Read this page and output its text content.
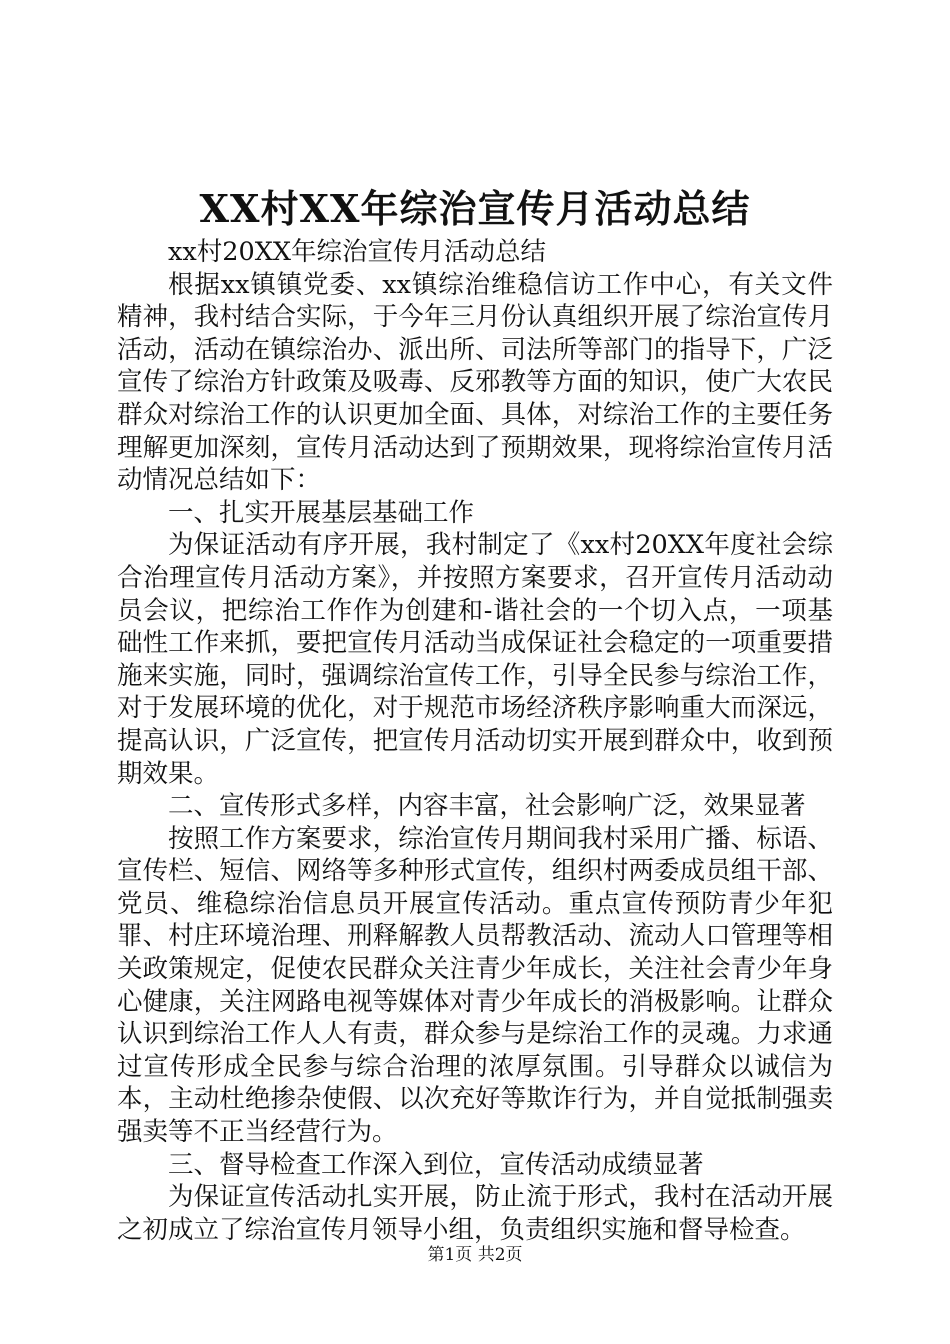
XX村XX年综治宣传月活动总结

xx村20XX年综治宣传月活动总结

根据xx镇镇党委、xx镇综治维稳信访工作中心，有关文件精神，我村结合实际，于今年三月份认真组织开展了综治宣传月活动，活动在镇综治办、派出所、司法所等部门的指导下，广泛宣传了综治方针政策及吸毒、反邪教等方面的知识，使广大农民群众对综治工作的认识更加全面、具体，对综治工作的主要任务理解更加深刻，宣传月活动达到了预期效果，现将综治宣传月活动情况总结如下：

一、扎实开展基层基础工作

为保证活动有序开展，我村制定了《xx村20XX年度社会综合治理宣传月活动方案》，并按照方案要求，召开宣传月活动动员会议，把综治工作作为创建和-谐社会的一个切入点，一项基础性工作来抓，要把宣传月活动当成保证社会稳定的一项重要措施来实施，同时，强调综治宣传工作，引导全民参与综治工作，对于发展环境的优化，对于规范市场经济秩序影响重大而深远，提高认识，广泛宣传，把宣传月活动切实开展到群众中，收到预期效果。

二、宣传形式多样，内容丰富，社会影响广泛，效果显著

按照工作方案要求，综治宣传月期间我村采用广播、标语、宣传栏、短信、网络等多种形式宣传，组织村两委成员组干部、党员、维稳综治信息员开展宣传活动。重点宣传预防青少年犯罪、村庄环境治理、刑释解教人员帮教活动、流动人口管理等相关政策规定，促使农民群众关注青少年成长，关注社会青少年身心健康，关注网路电视等媒体对青少年成长的消极影响。让群众认识到综治工作人人有责，群众参与是综治工作的灵魂。力求通过宣传形成全民参与综合治理的浓厚氛围。引导群众以诚信为本，主动杜绝掺杂使假、以次充好等欺诈行为，并自觉抵制强卖强卖等不正当经营行为。

三、督导检查工作深入到位，宣传活动成绩显著

为保证宣传活动扎实开展，防止流于形式，我村在活动开展之初成立了综治宣传月领导小组，负责组织实施和督导检查。

第1页 共2页
